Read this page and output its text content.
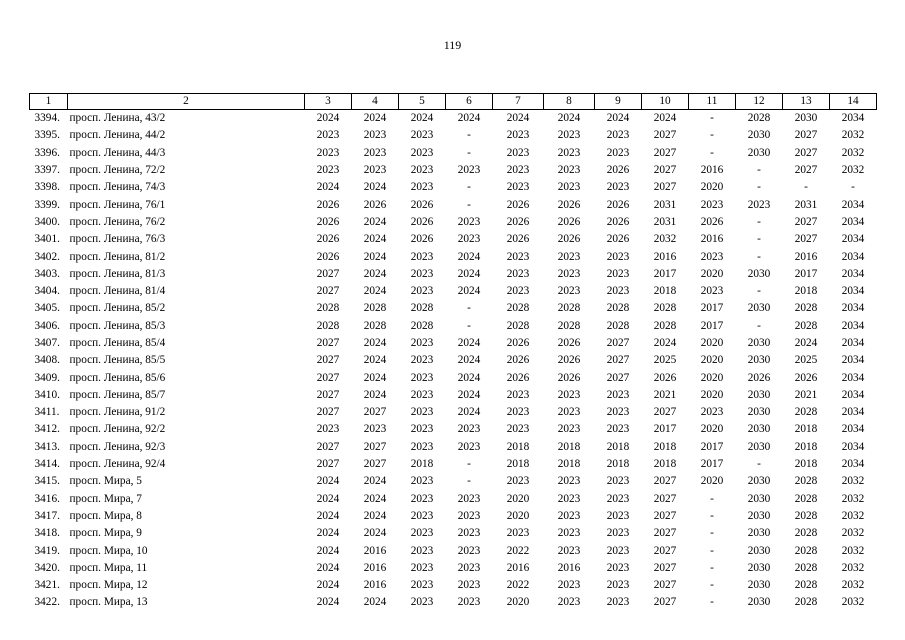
119
1	2	3	4	5	6	7	8	9	10	11	12	13	14
3394.	просп. Ленина, 43/2	2024	2024	2024	2024	2024	2024	2024	2024	-	2028	2030	2034
3395.	просп. Ленина, 44/2	2023	2023	2023	-	2023	2023	2023	2027	-	2030	2027	2032
3396.	просп. Ленина, 44/3	2023	2023	2023	-	2023	2023	2023	2027	-	2030	2027	2032
3397.	просп. Ленина, 72/2	2023	2023	2023	2023	2023	2023	2026	2027	2016	-	2027	2032
3398.	просп. Ленина, 74/3	2024	2024	2023	-	2023	2023	2023	2027	2020	-	-	-
3399.	просп. Ленина, 76/1	2026	2026	2026	-	2026	2026	2026	2031	2023	2023	2031	2034
3400.	просп. Ленина, 76/2	2026	2024	2026	2023	2026	2026	2026	2031	2026	-	2027	2034
3401.	просп. Ленина, 76/3	2026	2024	2026	2023	2026	2026	2026	2032	2016	-	2027	2034
3402.	просп. Ленина, 81/2	2026	2024	2023	2024	2023	2023	2023	2016	2023	-	2016	2034
3403.	просп. Ленина, 81/3	2027	2024	2023	2024	2023	2023	2023	2017	2020	2030	2017	2034
3404.	просп. Ленина, 81/4	2027	2024	2023	2024	2023	2023	2023	2018	2023	-	2018	2034
3405.	просп. Ленина, 85/2	2028	2028	2028	-	2028	2028	2028	2028	2017	2030	2028	2034
3406.	просп. Ленина, 85/3	2028	2028	2028	-	2028	2028	2028	2028	2017	-	2028	2034
3407.	просп. Ленина, 85/4	2027	2024	2023	2024	2026	2026	2027	2024	2020	2030	2024	2034
3408.	просп. Ленина, 85/5	2027	2024	2023	2024	2026	2026	2027	2025	2020	2030	2025	2034
3409.	просп. Ленина, 85/6	2027	2024	2023	2024	2026	2026	2027	2026	2020	2026	2026	2034
3410.	просп. Ленина, 85/7	2027	2024	2023	2024	2023	2023	2023	2021	2020	2030	2021	2034
3411.	просп. Ленина, 91/2	2027	2027	2023	2024	2023	2023	2023	2027	2023	2030	2028	2034
3412.	просп. Ленина, 92/2	2023	2023	2023	2023	2023	2023	2023	2017	2020	2030	2018	2034
3413.	просп. Ленина, 92/3	2027	2027	2023	2023	2018	2018	2018	2018	2017	2030	2018	2034
3414.	просп. Ленина, 92/4	2027	2027	2018	-	2018	2018	2018	2018	2017	-	2018	2034
3415.	просп. Мира, 5	2024	2024	2023	-	2023	2023	2023	2027	2020	2030	2028	2032
3416.	просп. Мира, 7	2024	2024	2023	2023	2020	2023	2023	2027	-	2030	2028	2032
3417.	просп. Мира, 8	2024	2024	2023	2023	2020	2023	2023	2027	-	2030	2028	2032
3418.	просп. Мира, 9	2024	2024	2023	2023	2023	2023	2023	2027	-	2030	2028	2032
3419.	просп. Мира, 10	2024	2016	2023	2023	2022	2023	2023	2027	-	2030	2028	2032
3420.	просп. Мира, 11	2024	2016	2023	2023	2016	2016	2023	2027	-	2030	2028	2032
3421.	просп. Мира, 12	2024	2016	2023	2023	2022	2023	2023	2027	-	2030	2028	2032
3422.	просп. Мира, 13	2024	2024	2023	2023	2020	2023	2023	2027	-	2030	2028	2032
